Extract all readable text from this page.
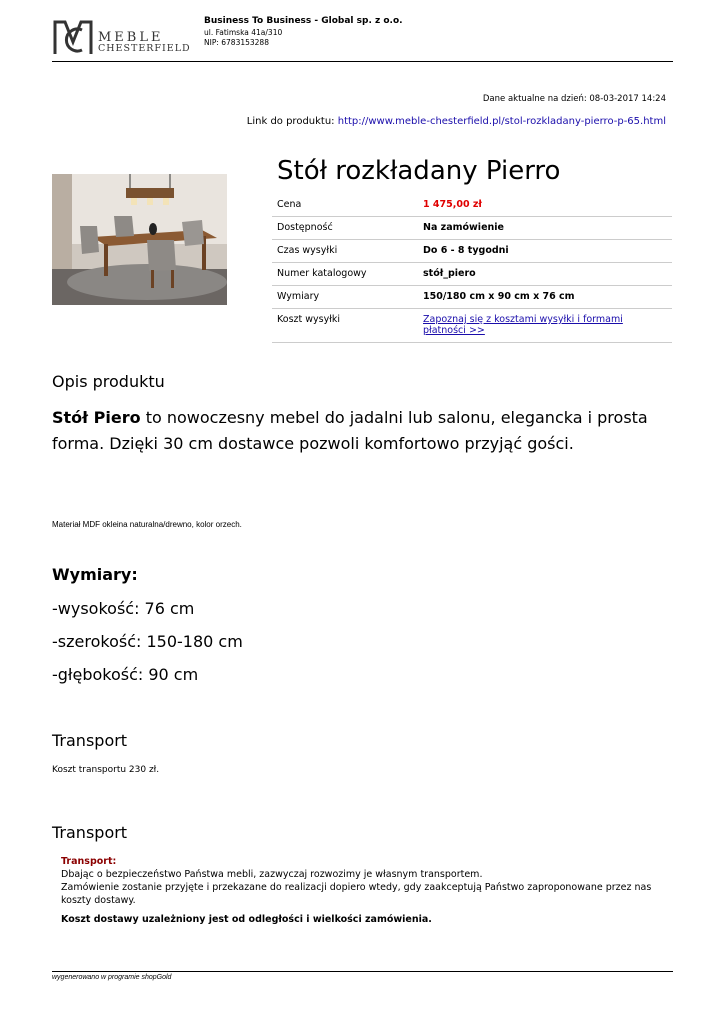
MEBLE
CHESTERFIELD
Business To Business - Global sp. z o.o.
ul. Fatimska 41a/310
NIP: 6783153288
Dane aktualne na dzień: 08-03-2017 14:24
Link do produktu: http://www.meble-chesterfield.pl/stol-rozkladany-pierro-p-65.html
Stół rozkładany Pierro
Cena	1 475,00 zł
Dostępność	Na zamówienie
Czas wysyłki	Do 6 - 8 tygodni
Numer katalogowy	stół_piero
Wymiary	150/180 cm x 90 cm x 76 cm
Koszt wysyłki	Zapoznaj się z kosztami wysyłki i formami płatności >>
Opis produktu
Stół Piero to nowoczesny mebel do jadalni lub salonu, elegancka i prosta forma. Dzięki 30 cm dostawce pozwoli komfortowo przyjąć gości.
Materiał MDF okleina naturalna/drewno, kolor orzech.
Wymiary:
-wysokość: 76 cm
-szerokość: 150-180 cm
-głębokość: 90 cm
Transport
Koszt transportu 230 zł.
Transport
Transport:
Dbając o bezpieczeństwo Państwa mebli, zazwyczaj rozwozimy je własnym transportem.
Zamówienie zostanie przyjęte i przekazane do realizacji dopiero wtedy, gdy zaakceptują Państwo zaproponowane przez nas koszty dostawy.
Koszt dostawy uzależniony jest od odległości i wielkości zamówienia.
wygenerowano w programie shopGold
